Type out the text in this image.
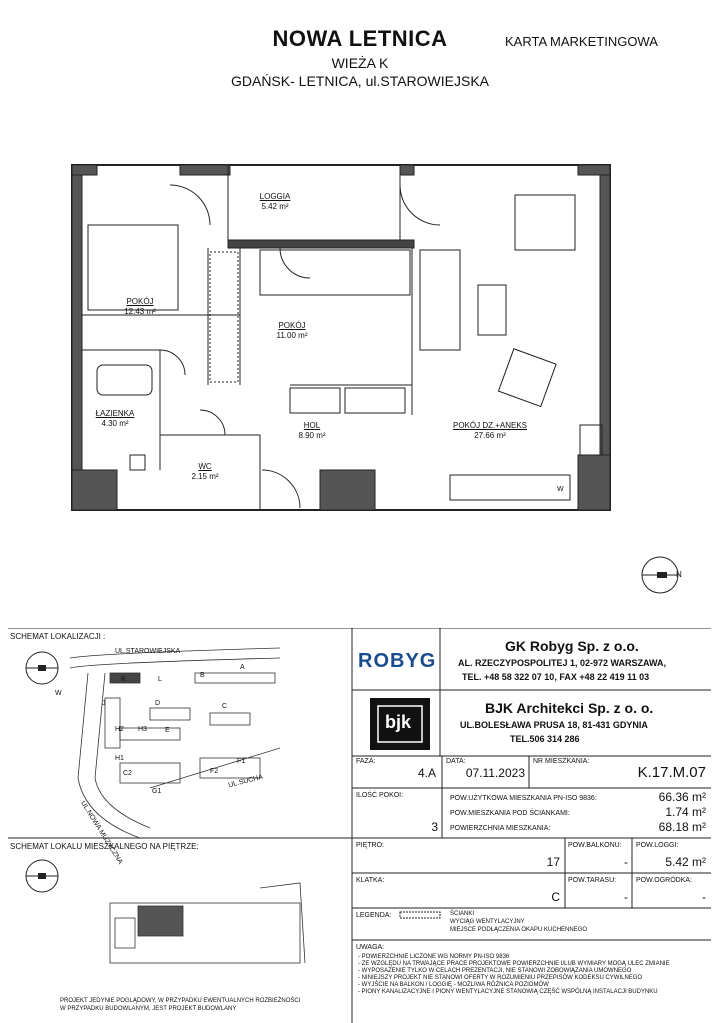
NOWA LETNICA
WIEŻA K
GDAŃSK- LETNICA, ul.STAROWIEJSKA
KARTA MARKETINGOWA
LOGGIA
5.42 m²
POKÓJ
12.43 m²
POKÓJ
11.00 m²
ŁAZIENKA
4.30 m²	HOL
8.90 m²
WC
2.15 m²
POKÓJ DZ.+ANEKS
27.66 m²
N
W
SCHEMAT LOKALIZACJI :
UL.STAROWIEJSKA
UL.NOWA MUZYCZNA
UL.SUCHA
SCHEMAT LOKALU MIESZKALNEGO NA PIĘTRZE:
W
ROBYG
GK Robyg Sp. z o.o.
AL. RZECZYPOSPOLITEJ 1, 02-972 WARSZAWA,
TEL. +48 58 322 07 10, FAX +48 22 419 11 03
bjk
BJK Architekci Sp. z o. o.
UL.BOLESŁAWA PRUSA 18, 81-431 GDYNIA
TEL.506 314 286
FAZA:
4.A
DATA:
07.11.2023
NR MIESZKANIA:
K.17.M.07
ILOŚĆ POKOI:
3
POW.UŻYTKOWA MIESZKANIA PN-ISO 9836:	66.36 m²
POW.MIESZKANIA POD ŚCIANKAMI:	1.74 m²
POWIERZCHNIA MIESZKANIA:	68.18 m²
PIĘTRO:
17
POW.BALKONU:
-
POW.LOGGI:
5.42 m²
KLATKA:
C
POW.TARASU:
-
POW.OGRÓDKA:
-
LEGENDA:	ŚCIANKI
WYCIĄG WENTYLACYJNY
MIEJSCE PODŁĄCZENIA OKAPU KUCHENNEGO
UWAGA:
- POWIERZCHNIE LICZONE WG NORMY PN-ISO 9836
- ZE WZGLĘDU NA TRWAJĄCE PRACE PROJEKTOWE POWIERZCHNIE I/LUB WYMIARY MOGĄ ULEC ZMIANIE
- WYPOSAŻENIE TYLKO W CELACH PREZENTACJI, NIE STANOWI ZOBOWIĄZANIA UMOWNEGO
- NINIEJSZY PROJEKT NIE STANOWI OFERTY W ROZUMIENIU PRZEPISÓW KODEKSU CYWILNEGO
- WYJŚCIE NA BALKON / LOGGIĘ - MOŻLIWA RÓŻNICA POZIOMÓW
- PIONY KANALIZACYJNE I PIONY WENTYLACYJNE STANOWIĄ CZĘŚĆ WSPÓLNĄ INSTALACJI BUDYNKU
PROJEKT JEDYNIE POGLĄDOWY, W PRZYPADKU EWENTUALNYCH ROZBIEŻNOŚCI
W PRZYPADKU BUDOWLANYM, JEST PROJEKT BUDOWLANY
K	L
B
A
J	D	C
H2 H3	E
H1
F2
F1
C2
G1
